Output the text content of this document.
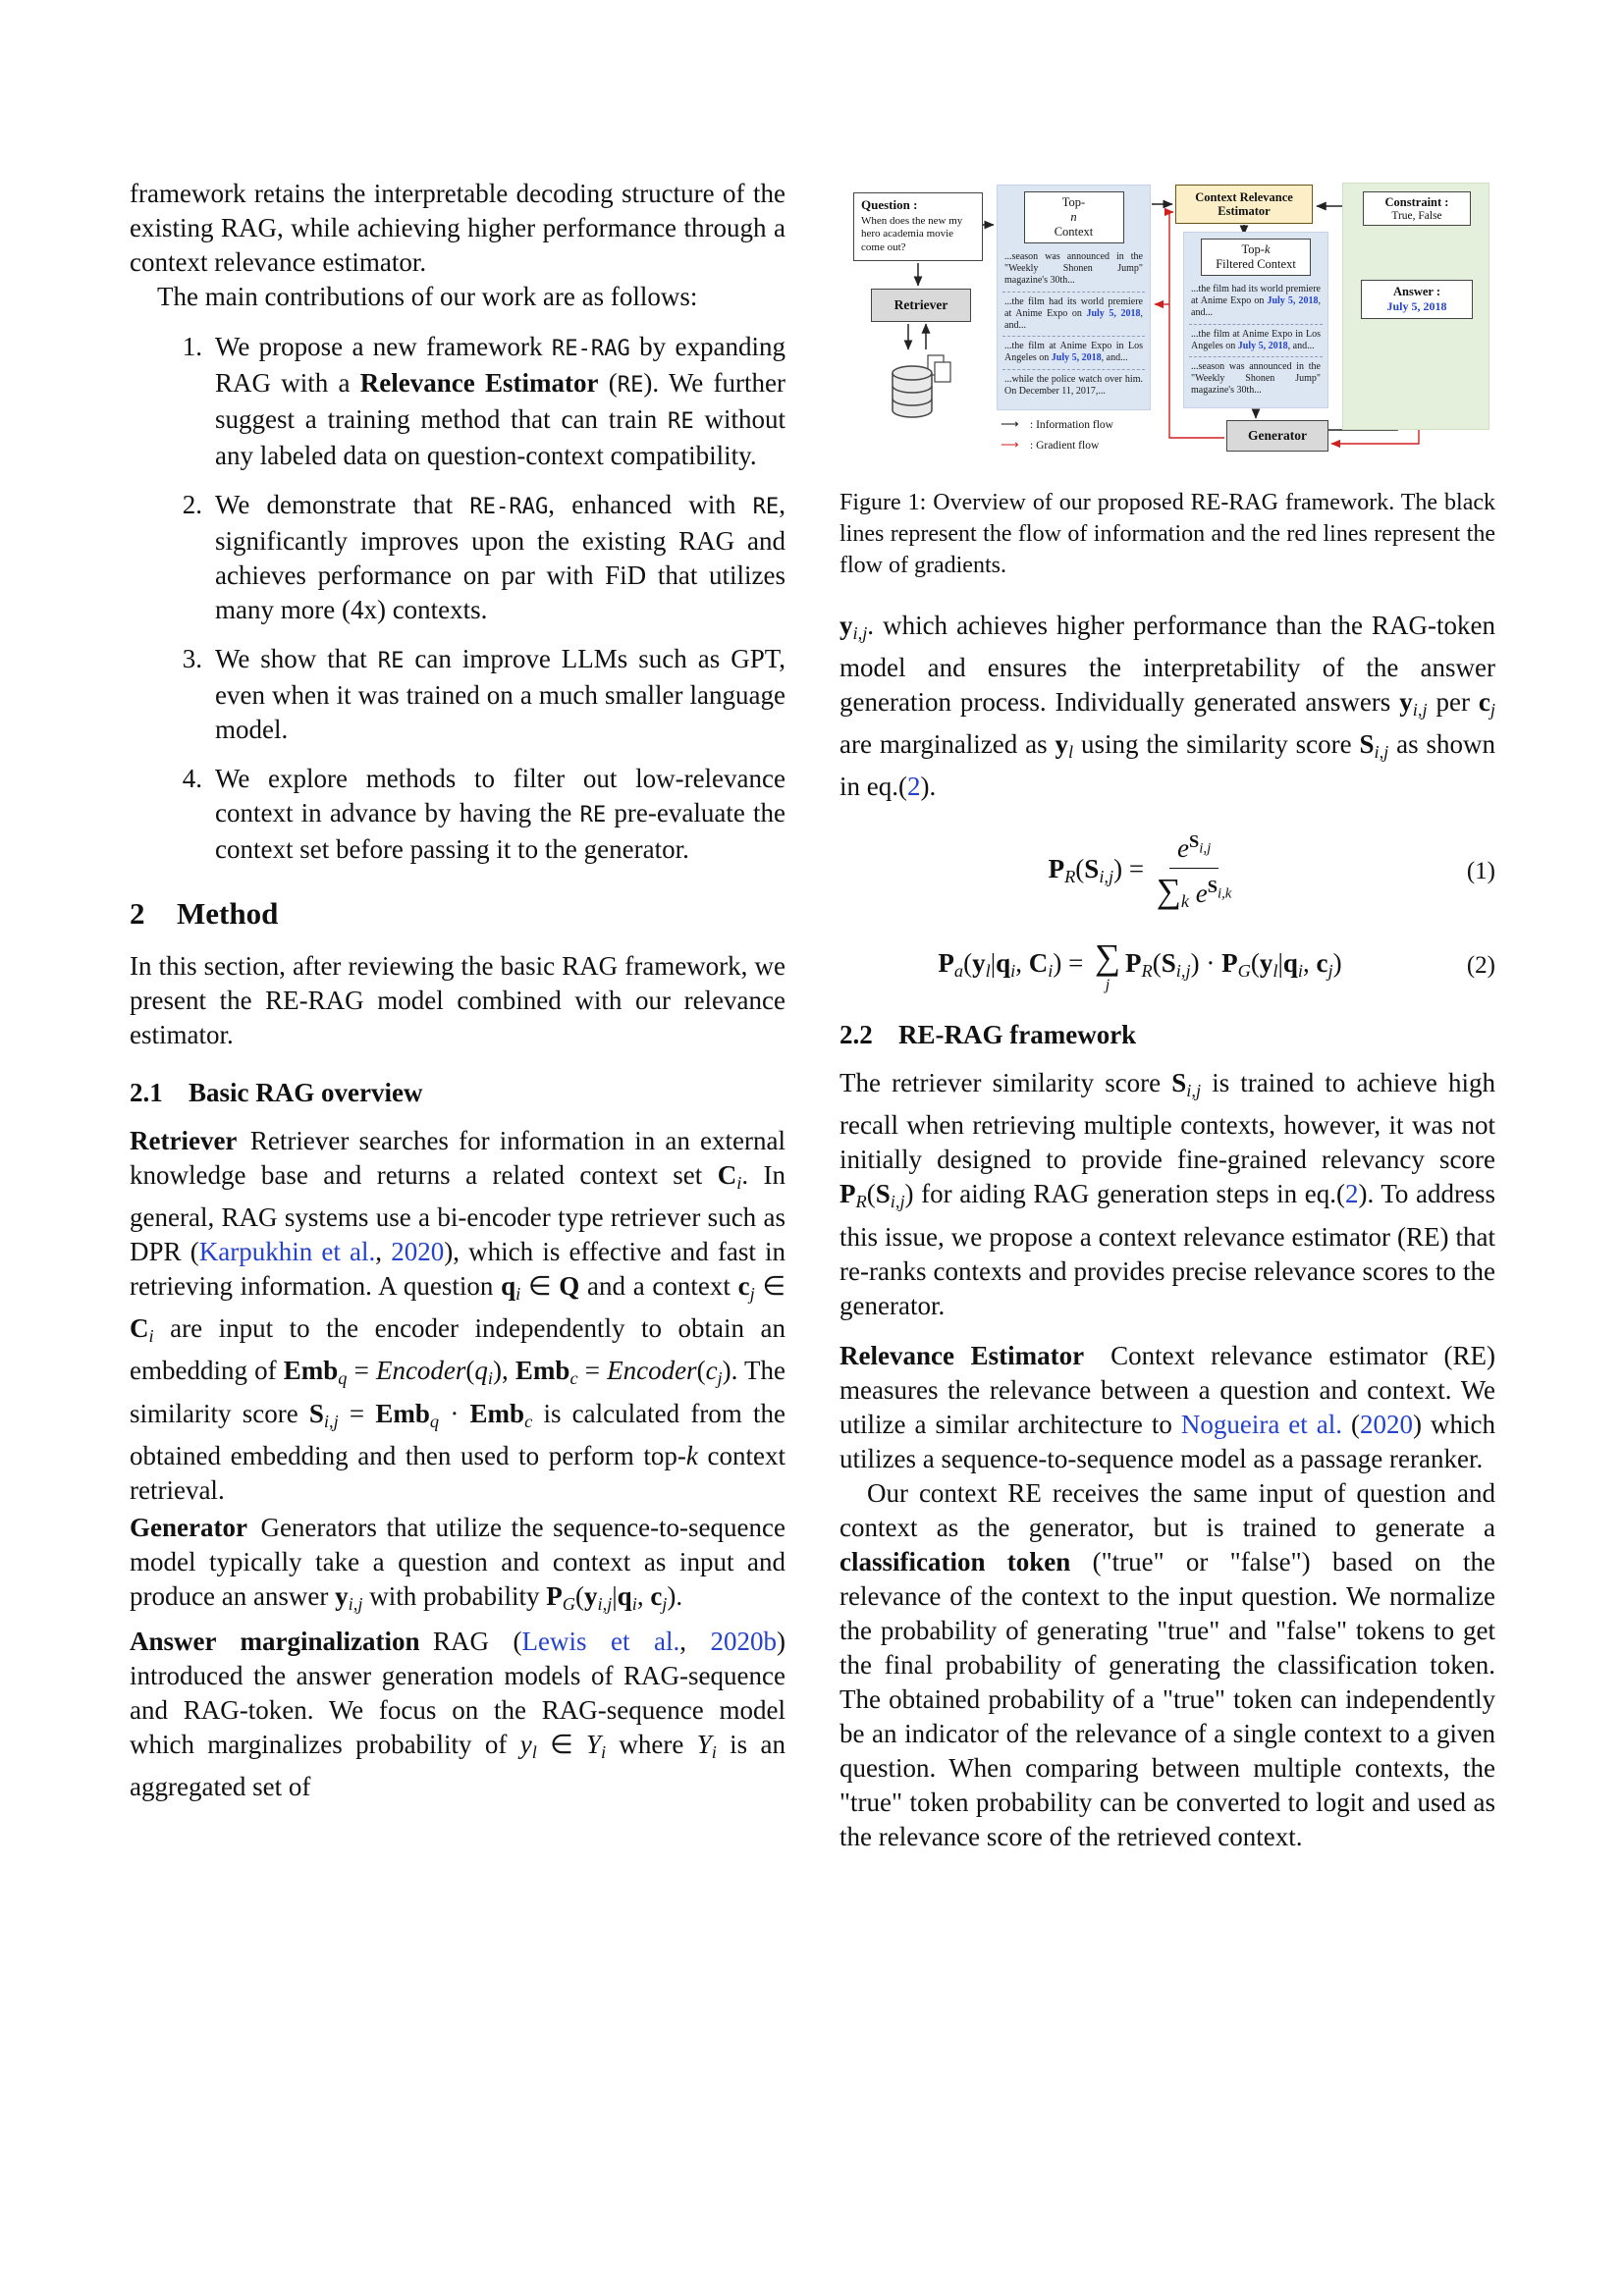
framework retains the interpretable decoding structure of the existing RAG, while achieving higher performance through a context relevance estimator.

The main contributions of our work are as follows:

1. We propose a new framework RE-RAG by expanding RAG with a Relevance Estimator (RE). We further suggest a training method that can train RE without any labeled data on question-context compatibility.
2. We demonstrate that RE-RAG, enhanced with RE, significantly improves upon the existing RAG and achieves performance on par with FiD that utilizes many more (4x) contexts.
3. We show that RE can improve LLMs such as GPT, even when it was trained on a much smaller language model.
4. We explore methods to filter out low-relevance context in advance by having the RE pre-evaluate the context set before passing it to the generator.
2 Method

In this section, after reviewing the basic RAG framework, we present the RE-RAG model combined with our relevance estimator.

2.1 Basic RAG overview

Retriever Retriever searches for information in an external knowledge base and returns a related context set Ci. In general, RAG systems use a bi-encoder type retriever such as DPR (Karpukhin et al., 2020), which is effective and fast in retrieving information. A question qi ∈ Q and a context cj ∈ Ci are input to the encoder independently to obtain an embedding of Embq = Encoder(qi), Embc = Encoder(cj). The similarity score Si,j = Embq · Embc is calculated from the obtained embedding and then used to perform top-k context retrieval.

Generator Generators that utilize the sequence-to-sequence model typically take a question and context as input and produce an answer yi,j with probability PG(yi,j|qi, cj).

Answer marginalization RAG (Lewis et al., 2020b) introduced the answer generation models of RAG-sequence and RAG-token. We focus on the RAG-sequence model which marginalizes probability of yl ∈ Yi where Yi is an aggregated set of

Question :
When does the new my hero academia movie come out?
Retriever
Top-
n
Context
...season was announced in the "Weekly Shonen Jump" magazine's 30th...
...the film had its world premiere at Anime Expo on July 5, 2018, and...
...the film at Anime Expo in Los Angeles on July 5, 2018, and...
...while the police watch over him. On December 11, 2017,...
Context Relevance Estimator
Top-k
Filtered Context
...the film had its world premiere at Anime Expo on July 5, 2018, and...
...the film at Anime Expo in Los Angeles on July 5, 2018, and...
...season was announced in the "Weekly Shonen Jump" magazine's 30th...
Constraint :
True, False
Answer :
July 5, 2018
Generator
⟶ : Information flow
⟶ : Gradient flow
Figure 1: Overview of our proposed RE-RAG framework. The black lines represent the flow of information and the red lines represent the flow of gradients.

yi,j. which achieves higher performance than the RAG-token model and ensures the interpretability of the answer generation process. Individually generated answers yi,j per cj are marginalized as yl using the similarity score Si,j as shown in eq.(2).

$PR(Si,j) = \frac{e^Si,j}{\sum k e^Si,k}$	(1)
Pa(yl|qi, Ci) = ∑
j
PR(Si,j) · PG(yl|qi, cj)	(2)
2.2 RE-RAG framework

The retriever similarity score Si,j is trained to achieve high recall when retrieving multiple contexts, however, it was not initially designed to provide fine-grained relevancy score PR(Si,j) for aiding RAG generation steps in eq.(2). To address this issue, we propose a context relevance estimator (RE) that re-ranks contexts and provides precise relevance scores to the generator.

Relevance Estimator  Context relevance estimator (RE) measures the relevance between a question and context. We utilize a similar architecture to Nogueira et al. (2020) which utilizes a sequence-to-sequence model as a passage reranker.

Our context RE receives the same input of question and context as the generator, but is trained to generate a classification token ("true" or "false") based on the relevance of the context to the input question. We normalize the probability of generating "true" and "false" tokens to get the final probability of generating the classification token. The obtained probability of a "true" token can independently be an indicator of the relevance of a single context to a given question. When comparing between multiple contexts, the "true" token probability can be converted to logit and used as the relevance score of the retrieved context.
